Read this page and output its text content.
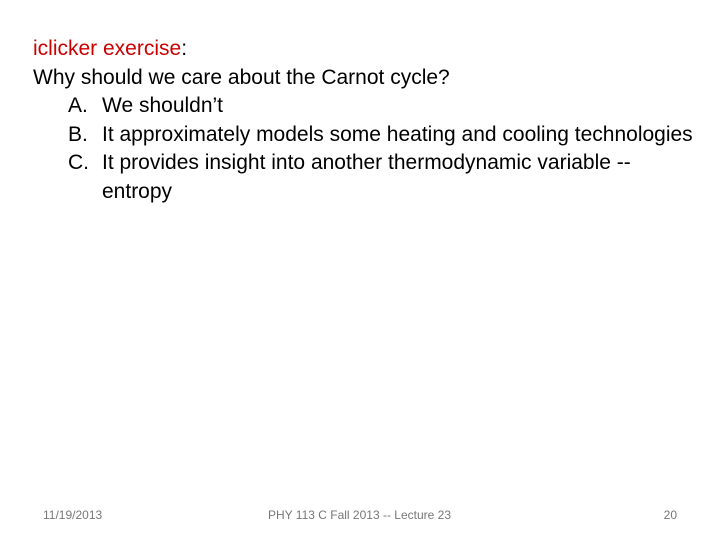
iclicker exercise:

Why should we care about the Carnot cycle?

A. We shouldn’t
B. It approximately models some heating and cooling technologies
C. It provides insight into another thermodynamic variable -- entropy
11/19/2013	PHY 113 C Fall 2013 -- Lecture 23	20
